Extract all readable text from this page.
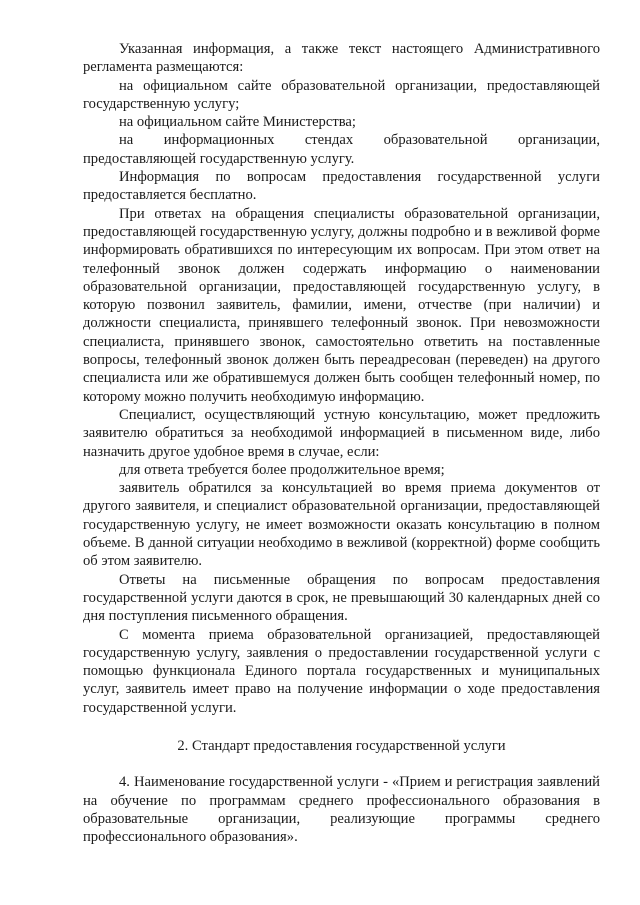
Указанная информация, а также текст настоящего Административного регламента размещаются:

на официальном сайте образовательной организации, предоставляющей государственную услугу;

на официальном сайте Министерства;

на информационных стендах образовательной организации, предоставляющей государственную услугу.

Информация по вопросам предоставления государственной услуги предоставляется бесплатно.

При ответах на обращения специалисты образовательной организации, предоставляющей государственную услугу, должны подробно и в вежливой форме информировать обратившихся по интересующим их вопросам. При этом ответ на телефонный звонок должен содержать информацию о наименовании образовательной организации, предоставляющей государственную услугу, в которую позвонил заявитель, фамилии, имени, отчестве (при наличии) и должности специалиста, принявшего телефонный звонок. При невозможности специалиста, принявшего звонок, самостоятельно ответить на поставленные вопросы, телефонный звонок должен быть переадресован (переведен) на другого специалиста или же обратившемуся должен быть сообщен телефонный номер, по которому можно получить необходимую информацию.

Специалист, осуществляющий устную консультацию, может предложить заявителю обратиться за необходимой информацией в письменном виде, либо назначить другое удобное время в случае, если:

для ответа требуется более продолжительное время;

заявитель обратился за консультацией во время приема документов от другого заявителя, и специалист образовательной организации, предоставляющей государственную услугу, не имеет возможности оказать консультацию в полном объеме. В данной ситуации необходимо в вежливой (корректной) форме сообщить об этом заявителю.

Ответы на письменные обращения по вопросам предоставления государственной услуги даются в срок, не превышающий 30 календарных дней со дня поступления письменного обращения.

С момента приема образовательной организацией, предоставляющей государственную услугу, заявления о предоставлении государственной услуги с помощью функционала Единого портала государственных и муниципальных услуг, заявитель имеет право на получение информации о ходе предоставления государственной услуги.

2. Стандарт предоставления государственной услуги

4. Наименование государственной услуги - «Прием и регистрация заявлений на обучение по программам среднего профессионального образования в образовательные организации, реализующие программы среднего профессионального образования».
